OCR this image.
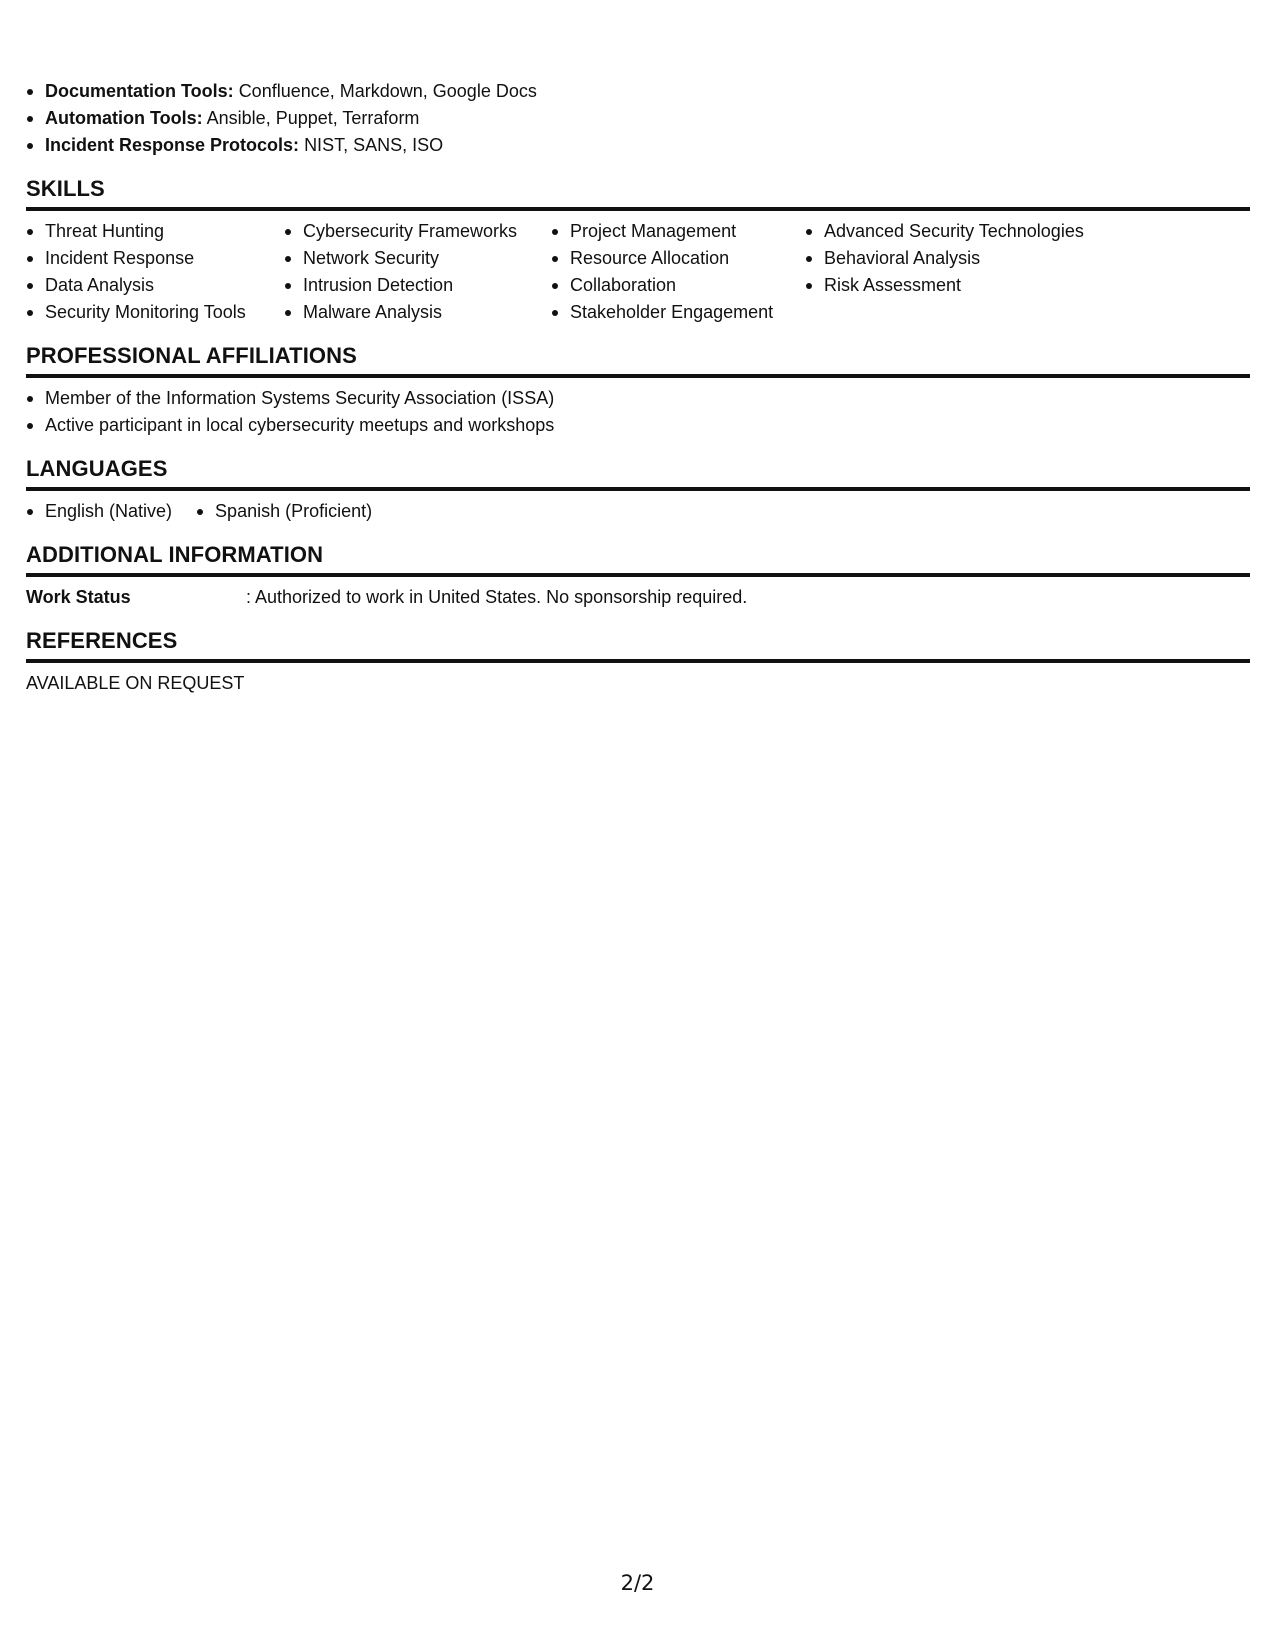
Documentation Tools: Confluence, Markdown, Google Docs
Automation Tools: Ansible, Puppet, Terraform
Incident Response Protocols: NIST, SANS, ISO
SKILLS
Threat Hunting
Incident Response
Data Analysis
Security Monitoring Tools
Cybersecurity Frameworks
Network Security
Intrusion Detection
Malware Analysis
Project Management
Resource Allocation
Collaboration
Stakeholder Engagement
Advanced Security Technologies
Behavioral Analysis
Risk Assessment
PROFESSIONAL AFFILIATIONS
Member of the Information Systems Security Association (ISSA)
Active participant in local cybersecurity meetups and workshops
LANGUAGES
English (Native)	Spanish (Proficient)
ADDITIONAL INFORMATION
Work Status	: Authorized to work in United States. No sponsorship required.
REFERENCES

AVAILABLE ON REQUEST

2/2
